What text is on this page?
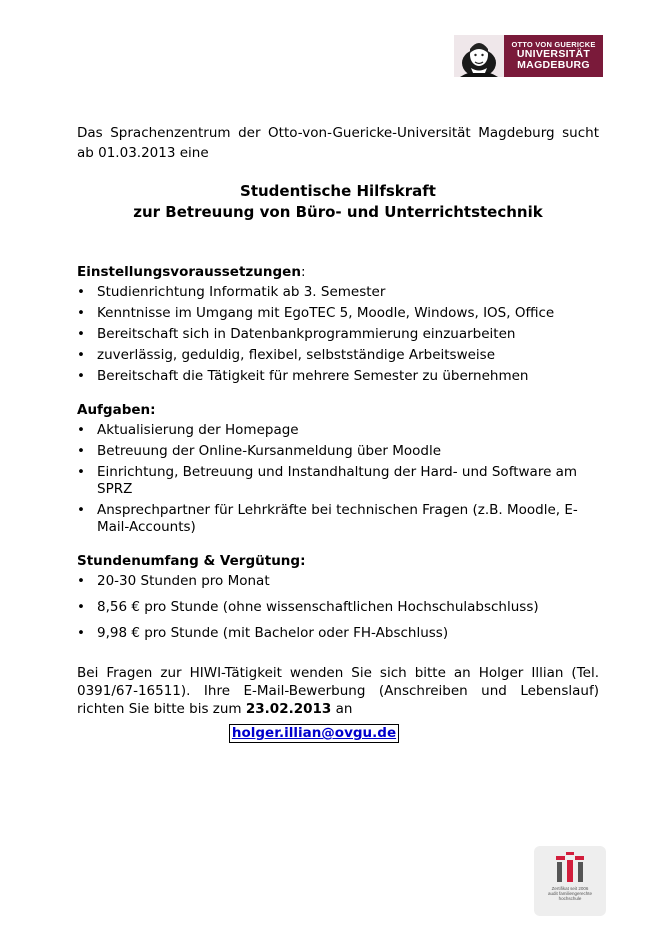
OTTO VON GUERICKE
UNIVERSITÄT
MAGDEBURG

Das Sprachenzentrum der Otto-von-Guericke-Universität Magdeburg sucht ab 01.03.2013 eine

Studentische Hilfskraft
zur Betreuung von Büro- und Unterrichtstechnik

Einstellungsvoraussetzungen:

• Studienrichtung Informatik ab 3. Semester
• Kenntnisse im Umgang mit EgoTEC 5, Moodle, Windows, IOS, Office
• Bereitschaft sich in Datenbankprogrammierung einzuarbeiten
• zuverlässig, geduldig, flexibel, selbstständige Arbeitsweise
• Bereitschaft die Tätigkeit für mehrere Semester zu übernehmen

Aufgaben:

• Aktualisierung der Homepage
• Betreuung der Online-Kursanmeldung über Moodle
• Einrichtung, Betreuung und Instandhaltung der Hard- und Software am SPRZ
• Ansprechpartner für Lehrkräfte bei technischen Fragen (z.B. Moodle, E-Mail-Accounts)

Stundenumfang & Vergütung:

• 20-30 Stunden pro Monat
• 8,56 € pro Stunde (ohne wissenschaftlichen Hochschulabschluss)
• 9,98 € pro Stunde (mit Bachelor oder FH-Abschluss)

Bei Fragen zur HIWI-Tätigkeit wenden Sie sich bitte an Holger Illian (Tel. 0391/67-16511). Ihre E-Mail-Bewerbung (Anschreiben und Lebenslauf) richten Sie bitte bis zum 23.02.2013 an

holger.illian@ovgu.de
Zertifikat seit 2006
audit familiengerechte
hochschule
